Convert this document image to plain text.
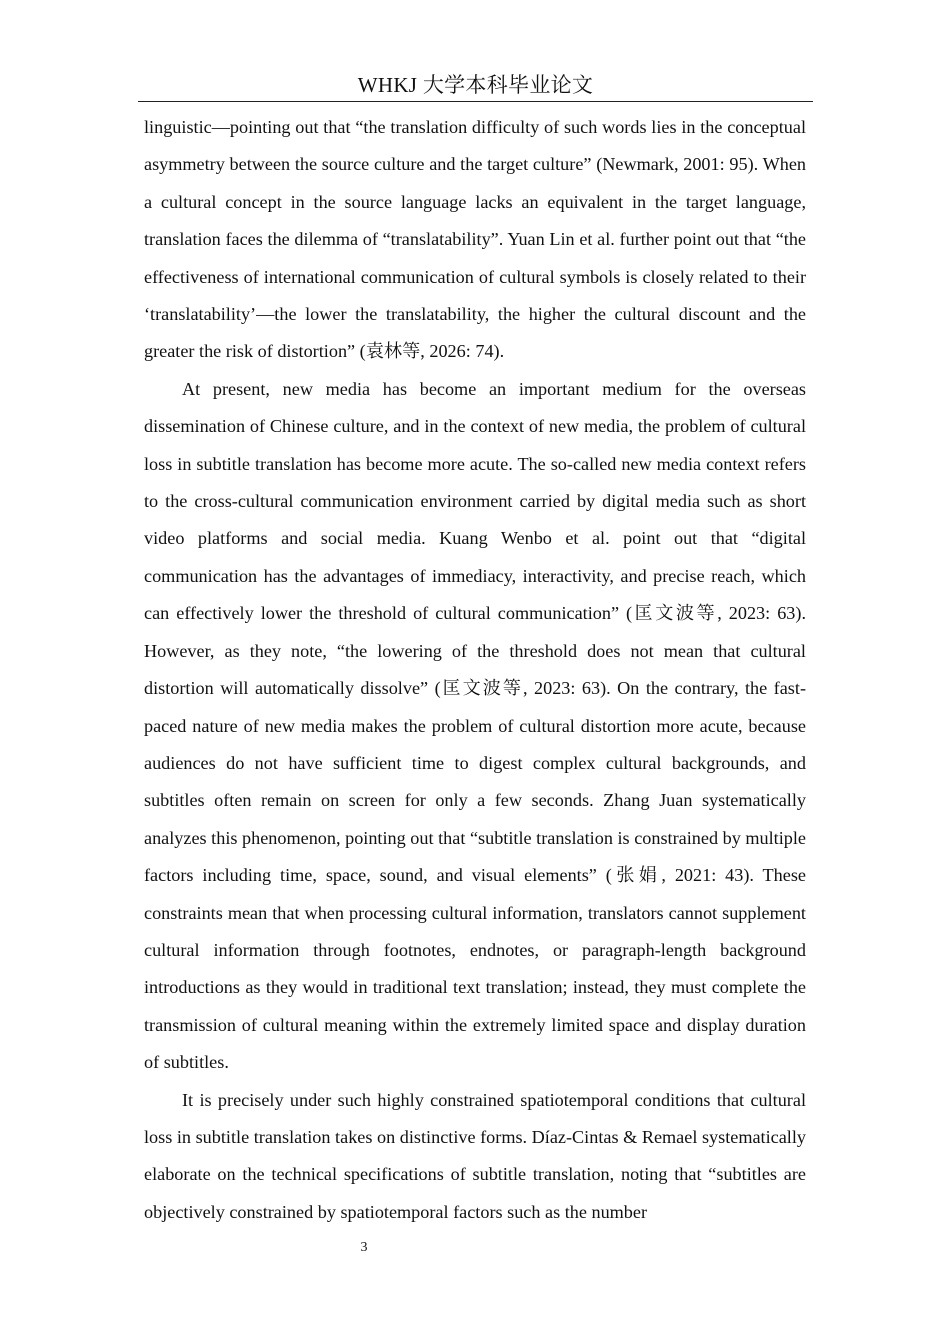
WHKJ 大学本科毕业论文

linguistic—pointing out that “the translation difficulty of such words lies in the conceptual asymmetry between the source culture and the target culture” (Newmark, 2001: 95). When a cultural concept in the source language lacks an equivalent in the target language, translation faces the dilemma of “translatability”. Yuan Lin et al. further point out that “the effectiveness of international communication of cultural symbols is closely related to their ‘translatability’—the lower the translatability, the higher the cultural discount and the greater the risk of distortion” (袁林等, 2026: 74).

At present, new media has become an important medium for the overseas dissemination of Chinese culture, and in the context of new media, the problem of cultural loss in subtitle translation has become more acute. The so-called new media context refers to the cross-cultural communication environment carried by digital media such as short video platforms and social media. Kuang Wenbo et al. point out that “digital communication has the advantages of immediacy, interactivity, and precise reach, which can effectively lower the threshold of cultural communication” (匡文波等, 2023: 63). However, as they note, “the lowering of the threshold does not mean that cultural distortion will automatically dissolve” (匡文波等, 2023: 63). On the contrary, the fast-paced nature of new media makes the problem of cultural distortion more acute, because audiences do not have sufficient time to digest complex cultural backgrounds, and subtitles often remain on screen for only a few seconds. Zhang Juan systematically analyzes this phenomenon, pointing out that “subtitle translation is constrained by multiple factors including time, space, sound, and visual elements” (张娟, 2021: 43). These constraints mean that when processing cultural information, translators cannot supplement cultural information through footnotes, endnotes, or paragraph-length background introductions as they would in traditional text translation; instead, they must complete the transmission of cultural meaning within the extremely limited space and display duration of subtitles.

It is precisely under such highly constrained spatiotemporal conditions that cultural loss in subtitle translation takes on distinctive forms. Díaz-Cintas & Remael systematically elaborate on the technical specifications of subtitle translation, noting that “subtitles are objectively constrained by spatiotemporal factors such as the number

3
